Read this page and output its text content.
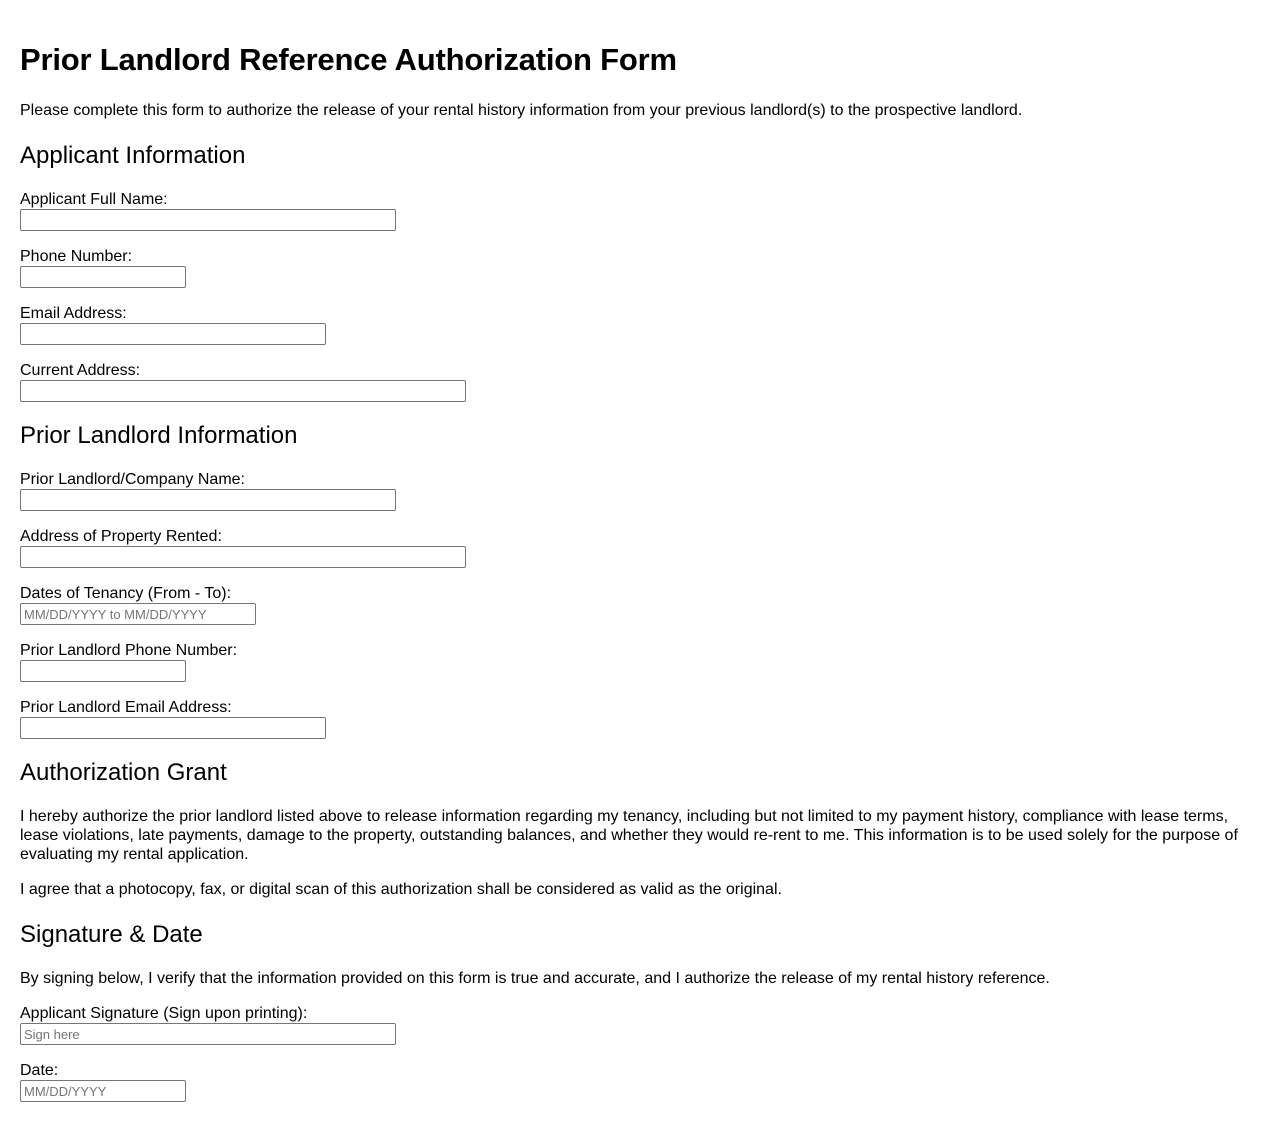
Prior Landlord Reference Authorization Form

Please complete this form to authorize the release of your rental history information from your previous landlord(s) to the prospective landlord.

Applicant Information
Applicant Full Name:
Phone Number:
Email Address:
Current Address:
Prior Landlord Information
Prior Landlord/Company Name:
Address of Property Rented:
Dates of Tenancy (From - To):
MM/DD/YYYY to MM/DD/YYYY
Prior Landlord Phone Number:
Prior Landlord Email Address:
Authorization Grant

I hereby authorize the prior landlord listed above to release information regarding my tenancy, including but not limited to my payment history, compliance with lease terms, lease violations, late payments, damage to the property, outstanding balances, and whether they would re-rent to me. This information is to be used solely for the purpose of evaluating my rental application.

I agree that a photocopy, fax, or digital scan of this authorization shall be considered as valid as the original.

Signature & Date

By signing below, I verify that the information provided on this form is true and accurate, and I authorize the release of my rental history reference.

Applicant Signature (Sign upon printing):
Sign here
Date:
MM/DD/YYYY
